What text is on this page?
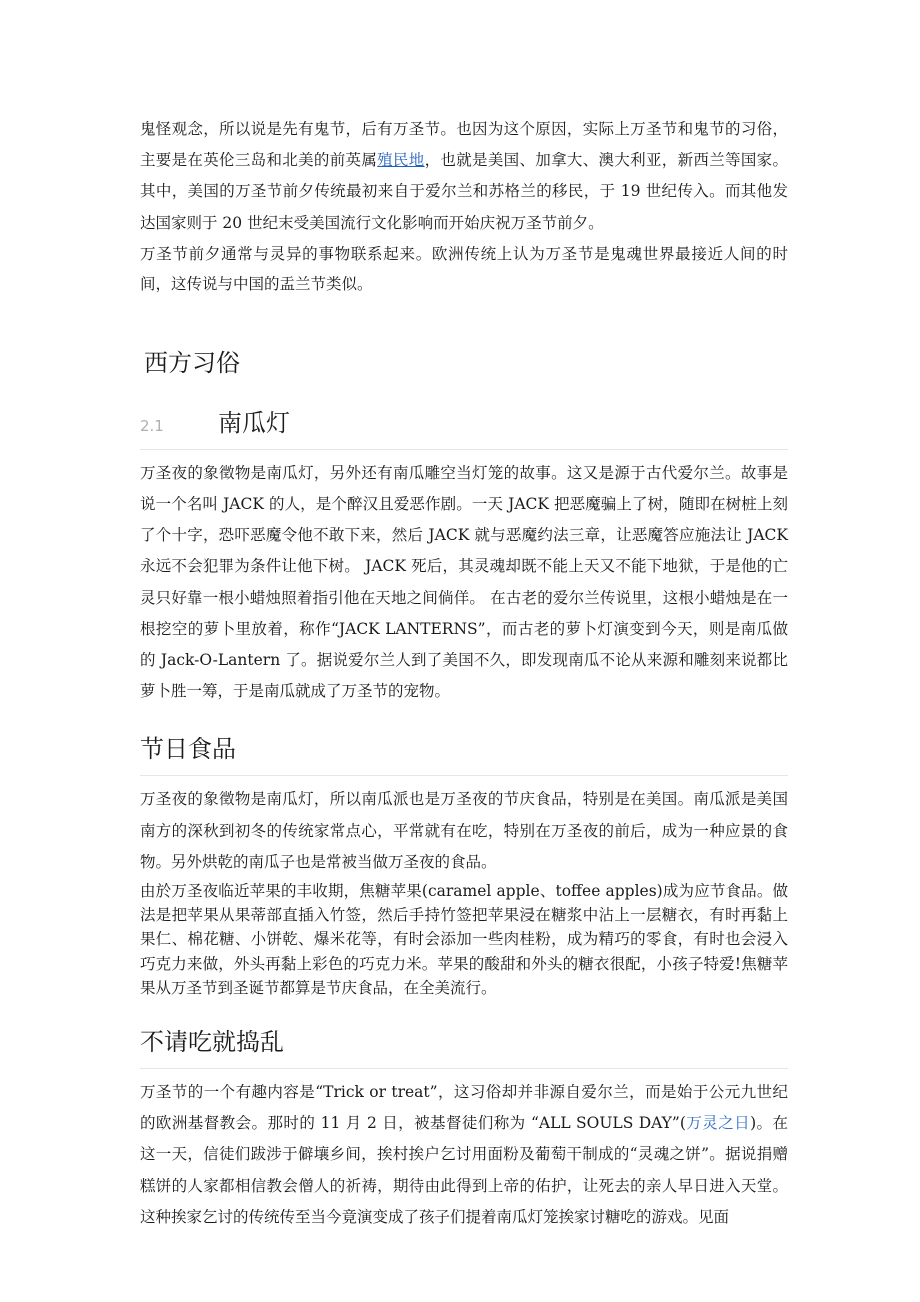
鬼怪观念，所以说是先有鬼节，后有万圣节。也因为这个原因，实际上万圣节和鬼节的习俗，主要是在英伦三岛和北美的前英属殖民地，也就是美国、加拿大、澳大利亚，新西兰等国家。其中，美国的万圣节前夕传统最初来自于爱尔兰和苏格兰的移民，于 19 世纪传入。而其他发达国家则于 20 世纪末受美国流行文化影响而开始庆祝万圣节前夕。

万圣节前夕通常与灵异的事物联系起来。欧洲传统上认为万圣节是鬼魂世界最接近人间的时间，这传说与中国的盂兰节类似。

西方习俗
2.1	南瓜灯

万圣夜的象徵物是南瓜灯，另外还有南瓜雕空当灯笼的故事。这又是源于古代爱尔兰。故事是说一个名叫 JACK 的人，是个醉汉且爱恶作剧。一天 JACK 把恶魔骗上了树，随即在树桩上刻了个十字，恐吓恶魔令他不敢下来，然后 JACK 就与恶魔约法三章，让恶魔答应施法让 JACK 永远不会犯罪为条件让他下树。 JACK 死后，其灵魂却既不能上天又不能下地狱，于是他的亡灵只好靠一根小蜡烛照着指引他在天地之间倘佯。 在古老的爱尔兰传说里，这根小蜡烛是在一根挖空的萝卜里放着，称作“JACK LANTERNS”，而古老的萝卜灯演变到今天，则是南瓜做的 Jack-O-Lantern 了。据说爱尔兰人到了美国不久，即发现南瓜不论从来源和雕刻来说都比萝卜胜一筹，于是南瓜就成了万圣节的宠物。

节日食品

万圣夜的象徵物是南瓜灯，所以南瓜派也是万圣夜的节庆食品，特别是在美国。南瓜派是美国南方的深秋到初冬的传统家常点心，平常就有在吃，特别在万圣夜的前后，成为一种应景的食物。另外烘乾的南瓜子也是常被当做万圣夜的食品。

由於万圣夜临近苹果的丰收期，焦糖苹果(caramel apple、toffee apples)成为应节食品。做法是把苹果从果蒂部直插入竹签，然后手持竹签把苹果浸在糖浆中沾上一层糖衣，有时再黏上果仁、棉花糖、小饼乾、爆米花等，有时会添加一些肉桂粉，成为精巧的零食，有时也会浸入巧克力来做，外头再黏上彩色的巧克力米。苹果的酸甜和外头的糖衣很配，小孩子特爱!焦糖苹果从万圣节到圣诞节都算是节庆食品，在全美流行。

不请吃就捣乱

万圣节的一个有趣内容是“Trick or treat”，这习俗却并非源自爱尔兰，而是始于公元九世纪的欧洲基督教会。那时的 11 月 2 日，被基督徒们称为 “ALL SOULS DAY”(万灵之日)。在这一天，信徒们跋涉于僻壤乡间，挨村挨户乞讨用面粉及葡萄干制成的“灵魂之饼”。据说捐赠糕饼的人家都相信教会僧人的祈祷，期待由此得到上帝的佑护，让死去的亲人早日进入天堂。这种挨家乞讨的传统传至当今竟演变成了孩子们提着南瓜灯笼挨家讨糖吃的游戏。见面
